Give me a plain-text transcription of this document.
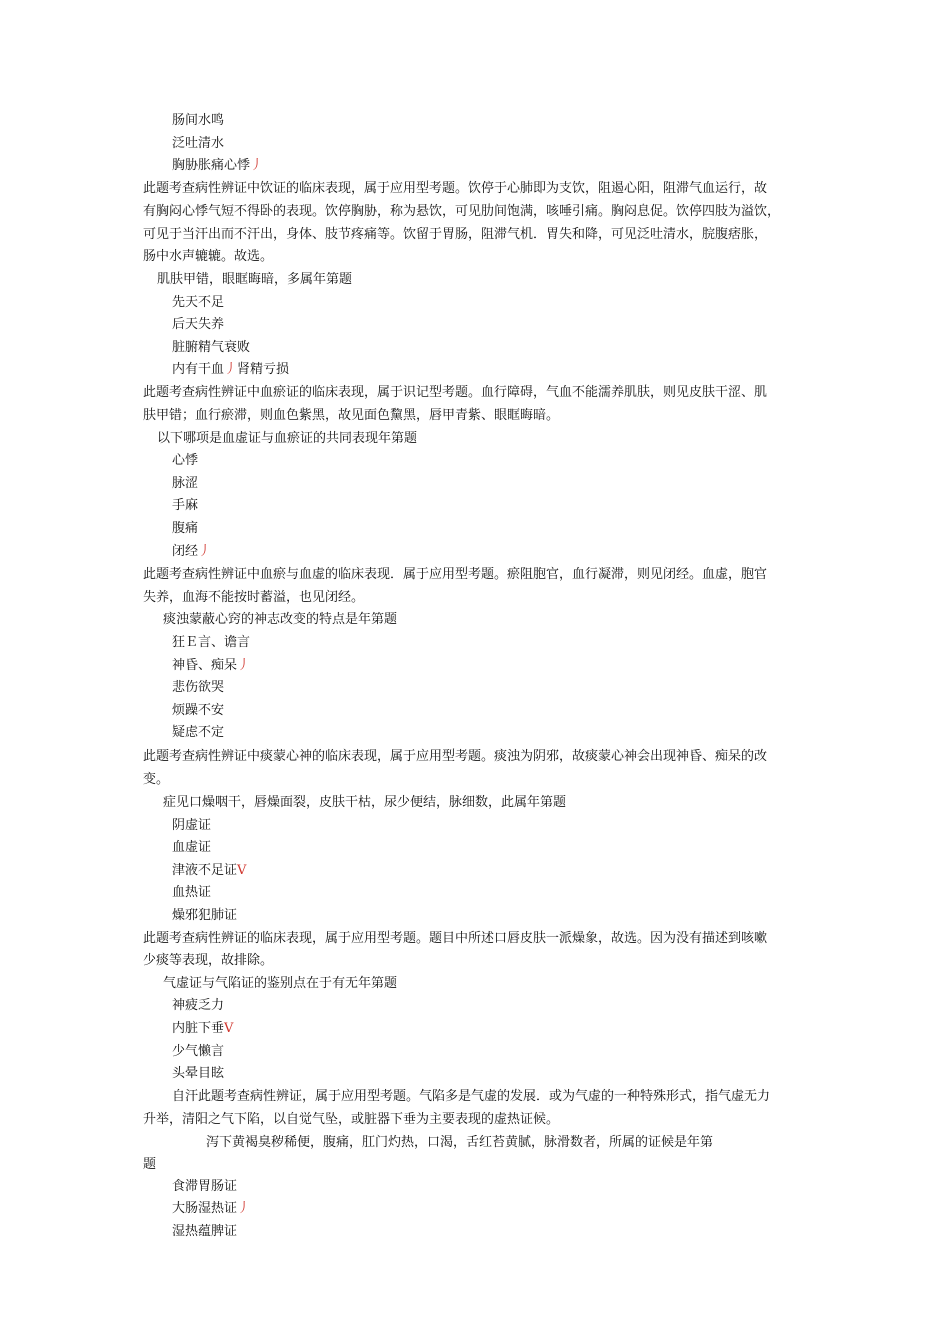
肠间水鸣
泛吐清水
胸胁胀痛心悸丿
此题考查病性辨证中饮证的临床表现，属于应用型考题。饮停于心肺即为支饮，阻遏心阳，阻滞气血运行，故
有胸闷心悸气短不得卧的表现。饮停胸胁，称为悬饮，可见肋间饱满，咳唾引痛。胸闷息促。饮停四肢为溢饮，
可见于当汗出而不汗出，身体、肢节疼痛等。饮留于胃肠，阻滞气机．胃失和降，可见泛吐清水，脘腹痞胀，
肠中水声辘辘。故选。
肌肤甲错，眼眶晦暗，多属年第题
先天不足
后天失养
脏腑精气衰败
内有干血丿肾精亏损
此题考查病性辨证中血瘀证的临床表现，属于识记型考题。血行障碍，气血不能濡养肌肤，则见皮肤干涩、肌
肤甲错；血行瘀滞，则血色紫黑，故见面色黧黑，唇甲青紫、眼眶晦暗。
以下哪项是血虚证与血瘀证的共同表现年第题
心悸
脉涩
手麻
腹痛
闭经丿
此题考查病性辨证中血瘀与血虚的临床表现．属于应用型考题。瘀阻胞官，血行凝滞，则见闭经。血虚，胞官
失养，血海不能按时蓄溢，也见闭经。
痰浊蒙蔽心窍的神志改变的特点是年第题
狂Ｅ言、谵言
神昏、痴呆丿
悲伤欲哭
烦躁不安
疑虑不定
此题考查病性辨证中痰蒙心神的临床表现，属于应用型考题。痰浊为阴邪，故痰蒙心神会出现神昏、痴呆的改
变。
症见口燥咽干，唇燥面裂，皮肤干枯，尿少便结，脉细数，此属年第题
阴虚证
血虚证
津液不足证V
血热证
燥邪犯肺证
此题考查病性辨证的临床表现，属于应用型考题。题目中所述口唇皮肤一派燥象，故选。因为没有描述到咳嗽
少痰等表现，故排除。
气虚证与气陷证的鉴别点在于有无年第题
神疲乏力
内脏下垂V
少气懒言
头晕目眩
自汗此题考查病性辨证，属于应用型考题。气陷多是气虚的发展．或为气虚的一种特殊形式，指气虚无力
升举，清阳之气下陷，以自觉气坠，或脏器下垂为主要表现的虚热证候。
泻下黄褐臭秽稀便，腹痛，肛门灼热，口渴，舌红苔黄腻，脉滑数者，所属的证候是年第
题
食滞胃肠证
大肠湿热证丿
湿热蕴脾证
